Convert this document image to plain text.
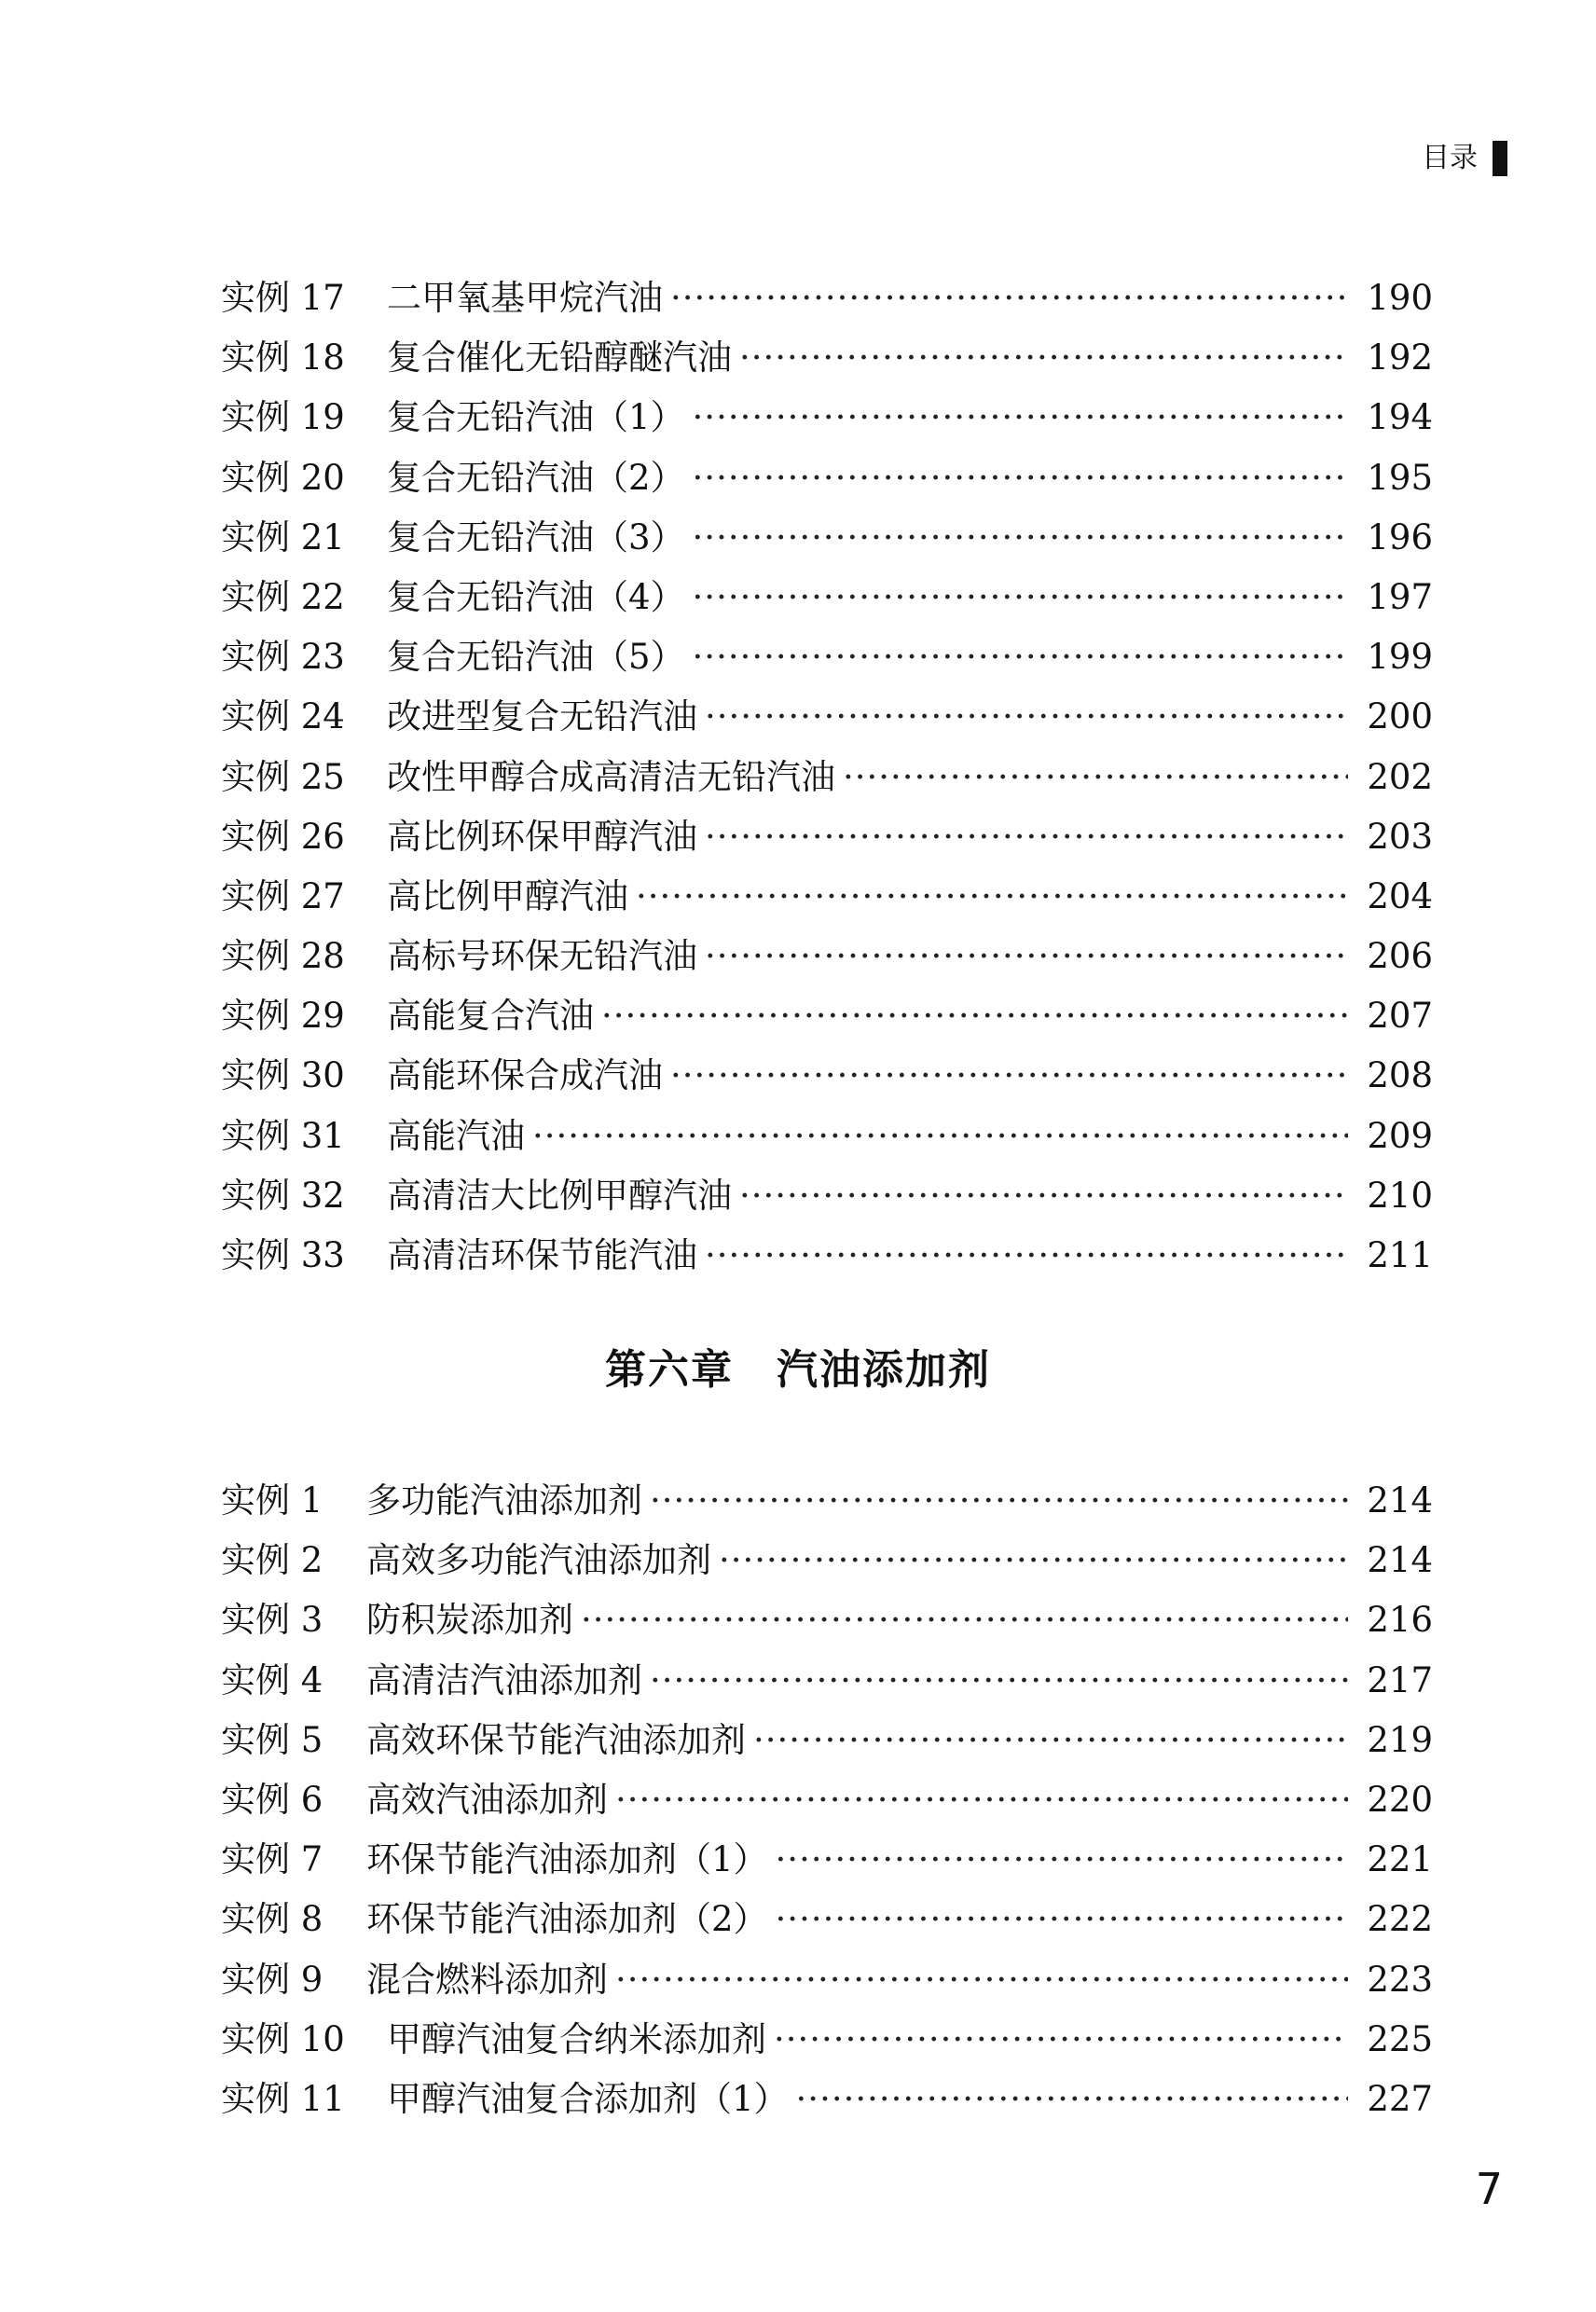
目录
实例 17	二甲氧基甲烷汽油 ·····	190
实例 18	复合催化无铅醇醚汽油 ·····	192
实例 19	复合无铅汽油（1） ·····	194
实例 20	复合无铅汽油（2） ·····	195
实例 21	复合无铅汽油（3） ·····	196
实例 22	复合无铅汽油（4） ·····	197
实例 23	复合无铅汽油（5） ·····	199
实例 24	改进型复合无铅汽油 ·····	200
实例 25	改性甲醇合成高清洁无铅汽油 ·····	202
实例 26	高比例环保甲醇汽油 ·····	203
实例 27	高比例甲醇汽油 ·····	204
实例 28	高标号环保无铅汽油 ·····	206
实例 29	高能复合汽油 ·····	207
实例 30	高能环保合成汽油 ·····	208
实例 31	高能汽油 ·····	209
实例 32	高清洁大比例甲醇汽油 ·····	210
实例 33	高清洁环保节能汽油 ·····	211
第六章　汽油添加剂
实例 1	多功能汽油添加剂 ·····	214
实例 2	高效多功能汽油添加剂 ·····	214
实例 3	防积炭添加剂 ·····	216
实例 4	高清洁汽油添加剂 ·····	217
实例 5	高效环保节能汽油添加剂 ·····	219
实例 6	高效汽油添加剂 ·····	220
实例 7	环保节能汽油添加剂（1） ·····	221
实例 8	环保节能汽油添加剂（2） ·····	222
实例 9	混合燃料添加剂 ·····	223
实例 10	甲醇汽油复合纳米添加剂 ·····	225
实例 11	甲醇汽油复合添加剂（1） ·····	227
7
